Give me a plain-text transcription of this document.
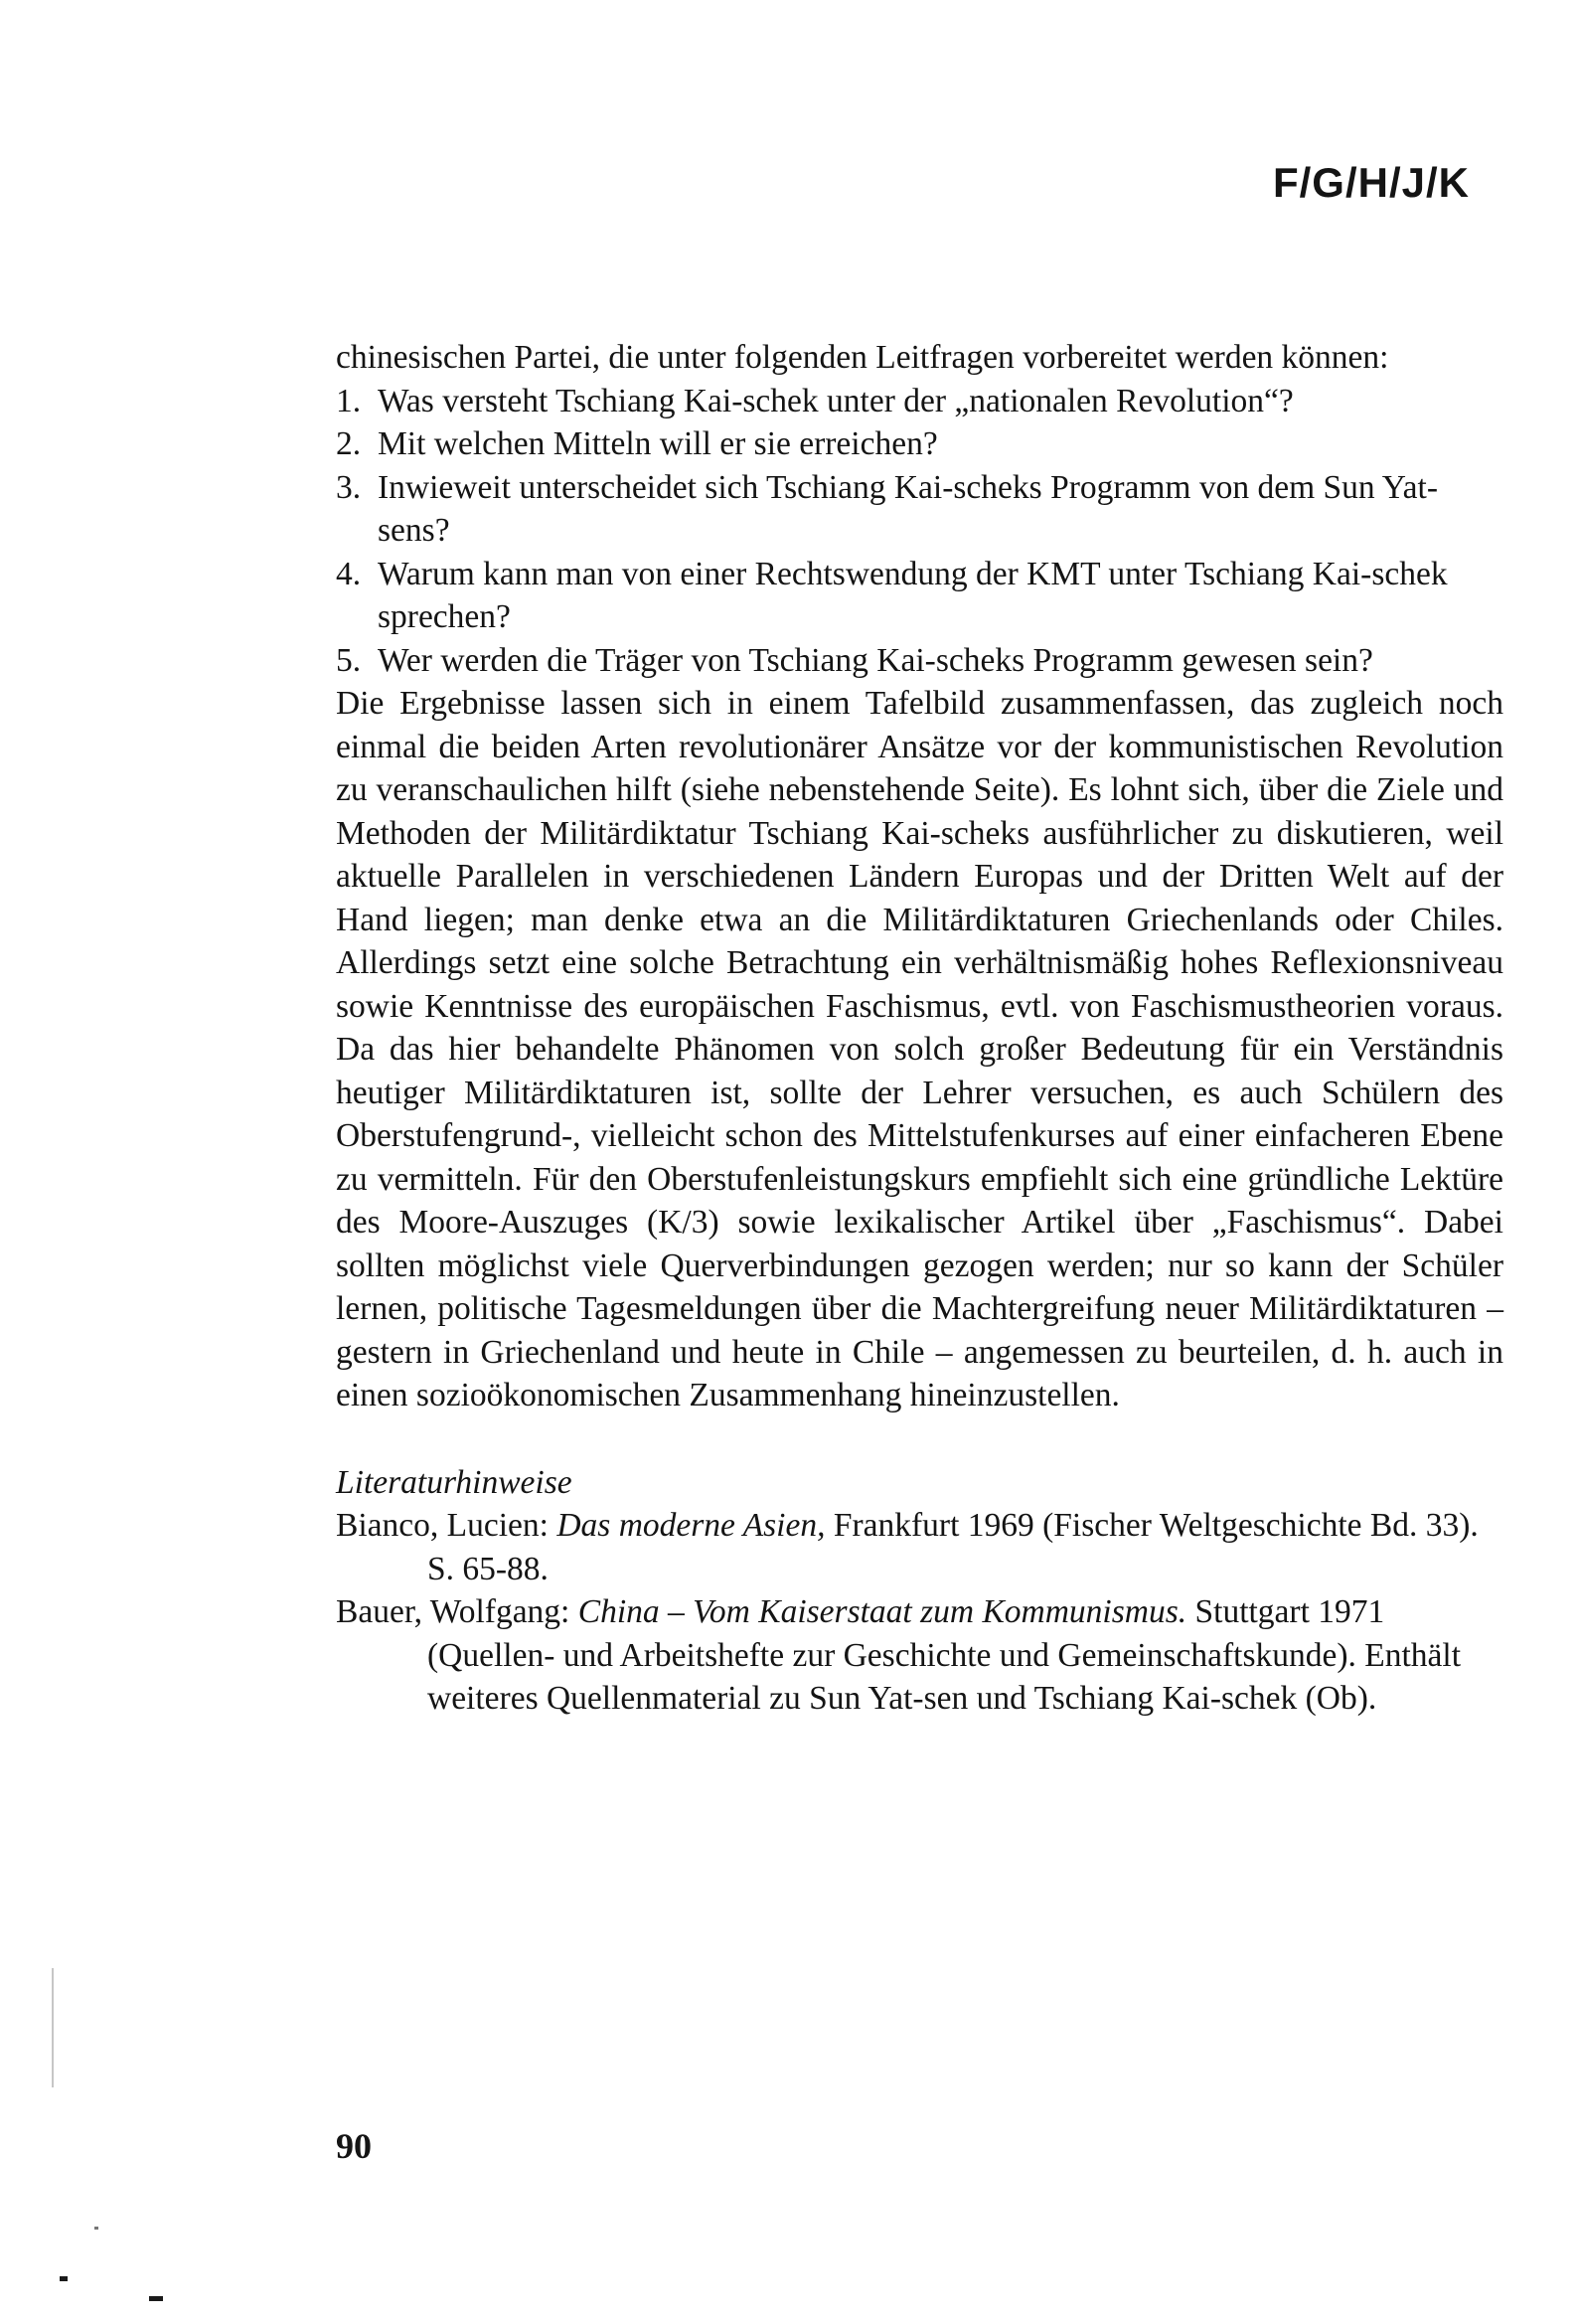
F/G/H/J/K

chinesischen Partei, die unter folgenden Leitfragen vorbereitet werden können:

1. Was versteht Tschiang Kai-schek unter der „nationalen Revolution“?
2. Mit welchen Mitteln will er sie erreichen?
3. Inwieweit unterscheidet sich Tschiang Kai-scheks Programm von dem Sun Yat-sens?
4. Warum kann man von einer Rechtswendung der KMT unter Tschiang Kai-schek sprechen?
5. Wer werden die Träger von Tschiang Kai-scheks Programm gewesen sein?

Die Ergebnisse lassen sich in einem Tafelbild zusammenfassen, das zugleich noch einmal die beiden Arten revolutionärer Ansätze vor der kommunistischen Revolution zu veranschaulichen hilft (siehe nebenstehende Seite). Es lohnt sich, über die Ziele und Methoden der Militärdiktatur Tschiang Kai-scheks ausführlicher zu diskutieren, weil aktuelle Parallelen in verschiedenen Ländern Europas und der Dritten Welt auf der Hand liegen; man denke etwa an die Militärdiktaturen Griechenlands oder Chiles. Allerdings setzt eine solche Betrachtung ein verhältnismäßig hohes Reflexionsniveau sowie Kenntnisse des europäischen Faschismus, evtl. von Faschismustheorien voraus. Da das hier behandelte Phänomen von solch großer Bedeutung für ein Verständnis heutiger Militärdiktaturen ist, sollte der Lehrer versuchen, es auch Schülern des Oberstufengrund-, vielleicht schon des Mittelstufenkurses auf einer einfacheren Ebene zu vermitteln. Für den Oberstufenleistungskurs empfiehlt sich eine gründliche Lektüre des Moore-Auszuges (K/3) sowie lexikalischer Artikel über „Faschismus“. Dabei sollten möglichst viele Querverbindungen gezogen werden; nur so kann der Schüler lernen, politische Tagesmeldungen über die Machtergreifung neuer Militärdiktaturen – gestern in Griechenland und heute in Chile – angemessen zu beurteilen, d. h. auch in einen sozioökonomischen Zusammenhang hineinzustellen.

Literaturhinweise
Bianco, Lucien: Das moderne Asien, Frankfurt 1969 (Fischer Weltgeschichte Bd. 33). S. 65-88.
Bauer, Wolfgang: China – Vom Kaiserstaat zum Kommunismus. Stuttgart 1971 (Quellen- und Arbeitshefte zur Geschichte und Gemeinschaftskunde). Enthält weiteres Quellenmaterial zu Sun Yat-sen und Tschiang Kai-schek (Ob).
90
